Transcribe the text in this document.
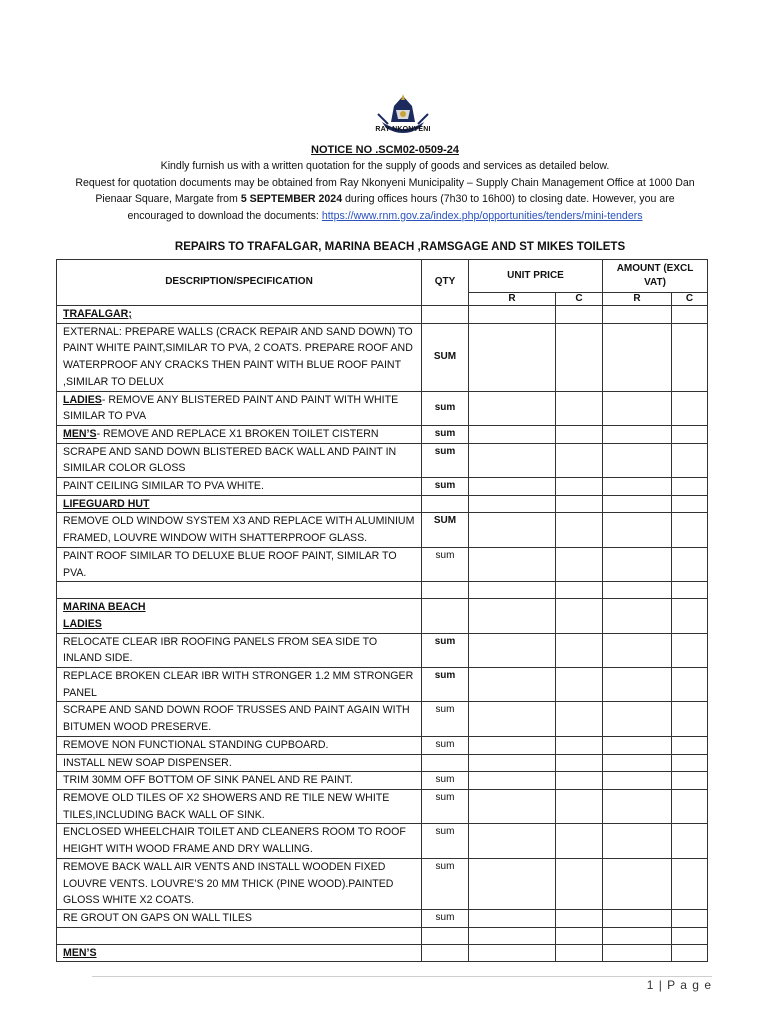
RAY NKONYENI
NOTICE NO .SCM02-0509-24
Kindly furnish us with a written quotation for the supply of goods and services as detailed below.
Request for quotation documents may be obtained from Ray Nkonyeni Municipality – Supply Chain Management Office at 1000 Dan
Pienaar Square, Margate from 5 SEPTEMBER 2024 during offices hours (7h30 to 16h00) to closing date. However, you are
encouraged to download the documents: https://www.rnm.gov.za/index.php/opportunities/tenders/mini-tenders
REPAIRS TO TRAFALGAR, MARINA BEACH ,RAMSGAGE AND ST MIKES TOILETS
DESCRIPTION/SPECIFICATION	QTY	UNIT PRICE		AMOUNT (EXCL VAT)	
		R	C	R	C
TRAFALGAR;					
EXTERNAL: PREPARE WALLS (CRACK REPAIR AND SAND DOWN) TO PAINT WHITE PAINT,SIMILAR TO PVA, 2 COATS. PREPARE ROOF AND WATERPROOF ANY CRACKS THEN PAINT WITH BLUE ROOF PAINT ,SIMILAR TO DELUX	SUM				
LADIES- REMOVE ANY BLISTERED PAINT AND PAINT WITH WHITE SIMILAR TO PVA	sum				
MEN’S- REMOVE AND REPLACE X1 BROKEN TOILET CISTERN	sum				
SCRAPE AND SAND DOWN BLISTERED BACK WALL AND PAINT IN SIMILAR COLOR GLOSS	sum				
PAINT CEILING SIMILAR TO PVA WHITE.	sum				
LIFEGUARD HUT					
REMOVE OLD WINDOW SYSTEM X3 AND REPLACE WITH ALUMINIUM FRAMED, LOUVRE WINDOW WITH SHATTERPROOF GLASS.	SUM				
PAINT ROOF SIMILAR TO DELUXE BLUE ROOF PAINT, SIMILAR TO PVA.	sum				

MARINA BEACH
LADIES					

RELOCATE CLEAR IBR ROOFING PANELS FROM SEA SIDE TO INLAND SIDE.	sum				
REPLACE BROKEN CLEAR IBR WITH STRONGER 1.2 MM STRONGER PANEL	sum				
SCRAPE AND SAND DOWN ROOF TRUSSES AND PAINT AGAIN WITH BITUMEN WOOD PRESERVE.	sum				
REMOVE NON FUNCTIONAL STANDING CUPBOARD.	sum				
INSTALL NEW SOAP DISPENSER.					
TRIM 30MM OFF BOTTOM OF SINK PANEL AND RE PAINT.	sum				
REMOVE OLD TILES OF X2 SHOWERS AND RE TILE NEW WHITE TILES,INCLUDING BACK WALL OF SINK.	sum				
ENCLOSED WHEELCHAIR TOILET AND CLEANERS ROOM TO ROOF HEIGHT WITH WOOD FRAME AND DRY WALLING.	sum				
REMOVE BACK WALL AIR VENTS AND INSTALL WOODEN FIXED LOUVRE VENTS. LOUVRE’S 20 MM THICK (PINE WOOD).PAINTED GLOSS WHITE X2 COATS.	sum				
RE GROUT ON GAPS ON WALL TILES	sum				

MEN’S					
1 | P a g e
